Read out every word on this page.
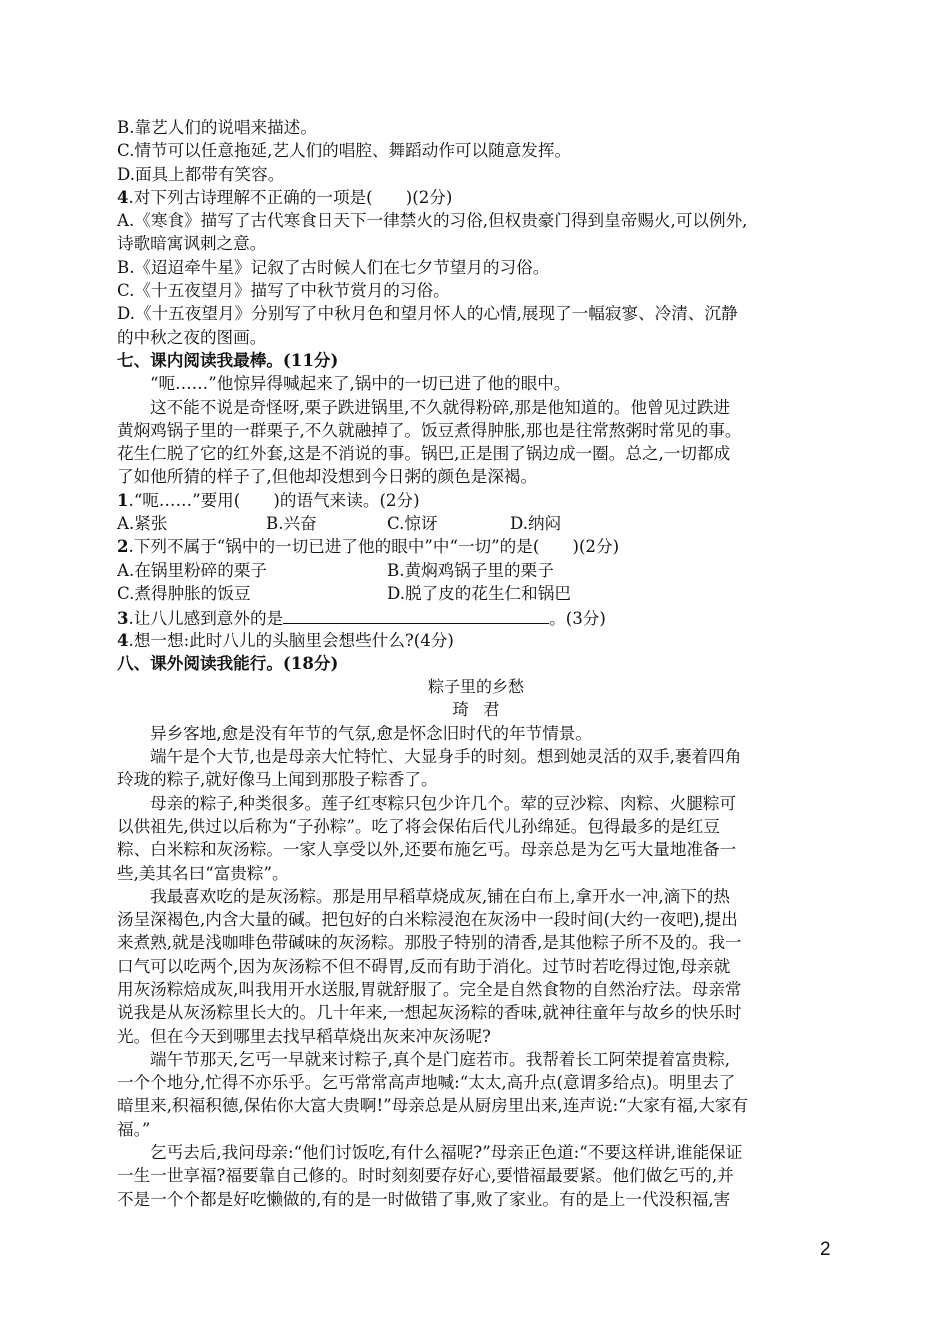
B.靠艺人们的说唱来描述。
C.情节可以任意拖延,艺人们的唱腔、舞蹈动作可以随意发挥。
D.面具上都带有笑容。
4.对下列古诗理解不正确的一项是(　　)(2分)
A.《寒食》描写了古代寒食日天下一律禁火的习俗,但权贵豪门得到皇帝赐火,可以例外,
诗歌暗寓讽刺之意。
B.《迢迢牵牛星》记叙了古时候人们在七夕节望月的习俗。
C.《十五夜望月》描写了中秋节赏月的习俗。
D.《十五夜望月》分别写了中秋月色和望月怀人的心情,展现了一幅寂寥、冷清、沉静
的中秋之夜的图画。
七、课内阅读我最棒。(11分)
“呃……”他惊异得喊起来了,锅中的一切已进了他的眼中。
这不能不说是奇怪呀,栗子跌进锅里,不久就得粉碎,那是他知道的。他曾见过跌进
黄焖鸡锅子里的一群栗子,不久就融掉了。饭豆煮得肿胀,那也是往常熬粥时常见的事。
花生仁脱了它的红外套,这是不消说的事。锅巴,正是围了锅边成一圈。总之,一切都成
了如他所猜的样子了,但他却没想到今日粥的颜色是深褐。
1.“呃……”要用(　　)的语气来读。(2分)
A.紧张	B.兴奋	C.惊讶	D.纳闷
2.下列不属于“锅中的一切已进了他的眼中”中“一切”的是(　　)(2分)
A.在锅里粉碎的栗子	B.黄焖鸡锅子里的栗子
C.煮得肿胀的饭豆	D.脱了皮的花生仁和锅巴
3.让八儿感到意外的是	。(3分)
4.想一想:此时八儿的头脑里会想些什么?(4分)
八、课外阅读我能行。(18分)
粽子里的乡愁
琦君
异乡客地,愈是没有年节的气氛,愈是怀念旧时代的年节情景。
端午是个大节,也是母亲大忙特忙、大显身手的时刻。想到她灵活的双手,裹着四角
玲珑的粽子,就好像马上闻到那股子粽香了。
母亲的粽子,种类很多。莲子红枣粽只包少许几个。荤的豆沙粽、肉粽、火腿粽可
以供祖先,供过以后称为“子孙粽”。吃了将会保佑后代儿孙绵延。包得最多的是红豆
粽、白米粽和灰汤粽。一家人享受以外,还要布施乞丐。母亲总是为乞丐大量地准备一
些,美其名曰“富贵粽”。
我最喜欢吃的是灰汤粽。那是用早稻草烧成灰,铺在白布上,拿开水一冲,滴下的热
汤呈深褐色,内含大量的碱。把包好的白米粽浸泡在灰汤中一段时间(大约一夜吧),提出
来煮熟,就是浅咖啡色带碱味的灰汤粽。那股子特别的清香,是其他粽子所不及的。我一
口气可以吃两个,因为灰汤粽不但不碍胃,反而有助于消化。过节时若吃得过饱,母亲就
用灰汤粽焙成灰,叫我用开水送服,胃就舒服了。完全是自然食物的自然治疗法。母亲常
说我是从灰汤粽里长大的。几十年来,一想起灰汤粽的香味,就神往童年与故乡的快乐时
光。但在今天到哪里去找早稻草烧出灰来冲灰汤呢?
端午节那天,乞丐一早就来讨粽子,真个是门庭若市。我帮着长工阿荣提着富贵粽,
一个个地分,忙得不亦乐乎。乞丐常常高声地喊:“太太,高升点(意谓多给点)。明里去了
暗里来,积福积德,保佑你大富大贵啊!”母亲总是从厨房里出来,连声说:“大家有福,大家有
福。”
乞丐去后,我问母亲:“他们讨饭吃,有什么福呢?”母亲正色道:“不要这样讲,谁能保证
一生一世享福?福要靠自己修的。时时刻刻要存好心,要惜福最要紧。他们做乞丐的,并
不是一个个都是好吃懒做的,有的是一时做错了事,败了家业。有的是上一代没积福,害
2
